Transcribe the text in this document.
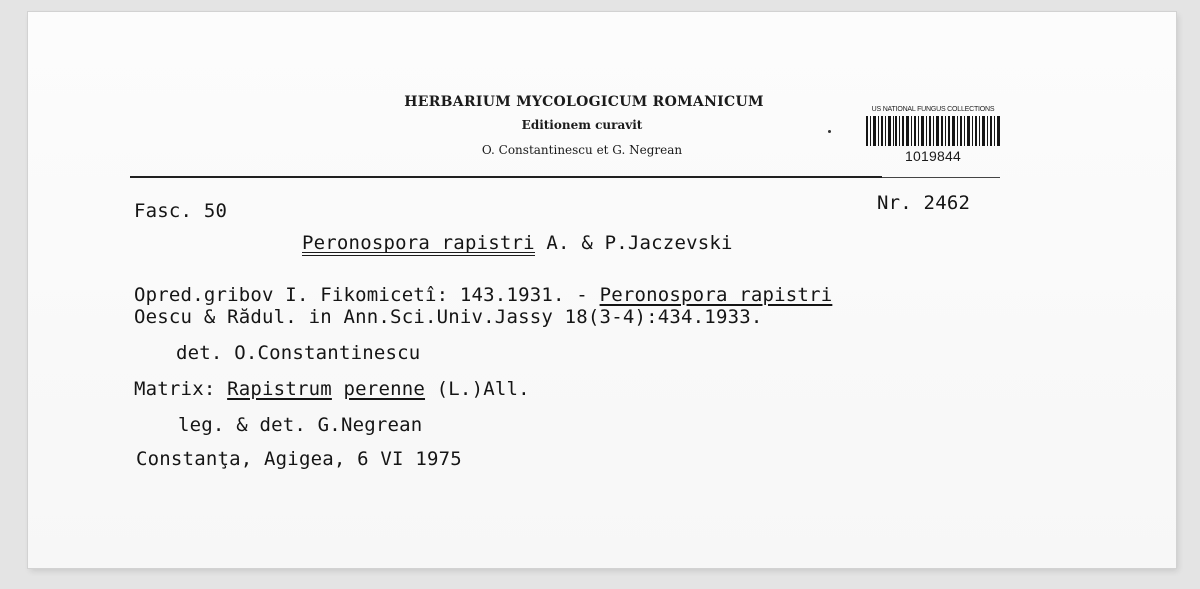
HERBARIUM MYCOLOGICUM ROMANICUM
Editionem curavit
O. Constantinescu et G. Negrean
US NATIONAL FUNGUS COLLECTIONS
1019844
Fasc. 50	Nr. 2462
Peronospora rapistri A. & P.Jaczevski
Opred.gribov I. Fikomicetî: 143.1931. - Peronospora rapistri
Oescu & Rădul. in Ann.Sci.Univ.Jassy 18(3-4):434.1933.
det. O.Constantinescu
Matrix: Rapistrum perenne (L.)All.
leg. & det. G.Negrean
Constanţa, Agigea, 6 VI 1975
